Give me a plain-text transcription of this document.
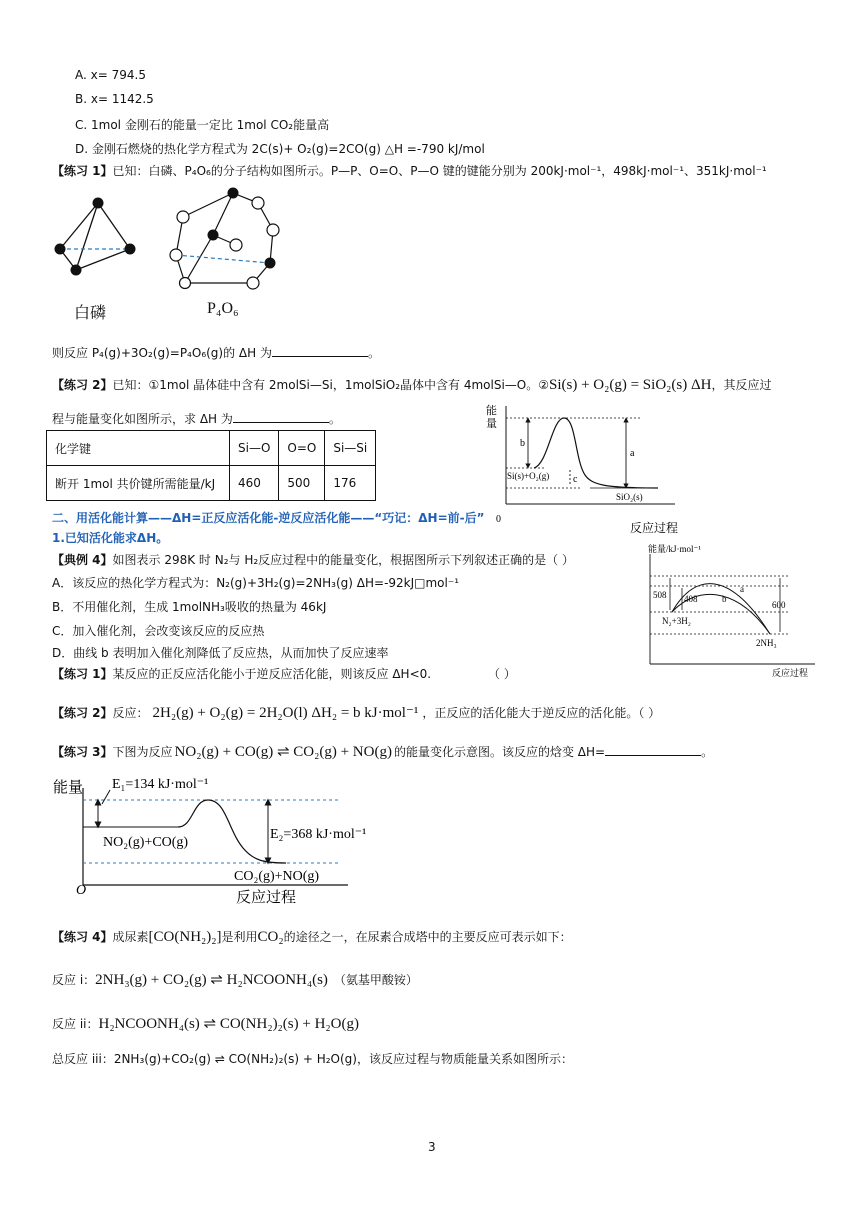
A. x= 794.5
B. x= 1142.5
C. 1mol 金刚石的能量一定比 1mol CO₂能量高
D. 金刚石燃烧的热化学方程式为 2C(s)+ O₂(g)=2CO(g) △H =-790 kJ/mol
【练习 1】已知：白磷、P₄O₆的分子结构如图所示。P—P、O=O、P—O 键的键能分别为 200kJ·mol⁻¹，498kJ·mol⁻¹、351kJ·mol⁻¹
白磷	P₄O₆
则反应 P₄(g)+3O₂(g)=P₄O₆(g)的 ΔH 为	。
【练习 2】已知：①1mol 晶体硅中含有 2molSi—Si，1molSiO₂晶体中含有 4molSi—O。②Si(s) + O₂(g) = SiO₂(s) ΔH，其反应过
程与能量变化如图所示，求 ΔH 为	。
化学键	Si—O	O=O	Si—Si
断开 1mol 共价键所需能量/kJ	460	500	176
能
量
b
a
c
Si(s)+O₂(g)
SiO₂(s)
0
反应过程
二、用活化能计算——ΔH=正反应活化能-逆反应活化能——“巧记：ΔH=前-后”
1.已知活化能求ΔH。
【典例 4】如图表示 298K 时 N₂与 H₂反应过程中的能量变化，根据图所示下列叙述正确的是（ ）
A．该反应的热化学方程式为：N₂(g)+3H₂(g)=2NH₃(g) ΔH=-92kJ□mol⁻¹
B．不用催化剂，生成 1molNH₃吸收的热量为 46kJ
C．加入催化剂，会改变该反应的反应热
D．曲线 b 表明加入催化剂降低了反应热，从而加快了反应速率
能量/kJ·mol⁻¹
508 408
600
a
b
N₂+3H₂
2NH₃
反应过程
【练习 1】某反应的正反应活化能小于逆反应活化能，则该反应 ΔH<0.	（ ）
【练习 2】反应： 2H₂(g) + O₂(g) = 2H₂O(l) ΔH₂ = b kJ·mol⁻¹ ，正反应的活化能大于逆反应的活化能。（ ）
【练习 3】下图为反应 NO₂(g) + CO(g) ⇌ CO₂(g) + NO(g) 的能量变化示意图。该反应的焓变 ΔH=	。
能量 E₁=134 kJ·mol⁻¹
E₂=368 kJ·mol⁻¹
NO₂(g)+CO(g)
CO₂(g)+NO(g)
O	反应过程
【练习 4】成尿素[CO(NH₂)₂]是利用CO₂的途径之一，在尿素合成塔中的主要反应可表示如下：
反应 i：2NH₃(g) + CO₂(g) ⇌ H₂NCOONH₄(s) （氨基甲酸铵）
反应 ii：H₂NCOONH₄(s) ⇌ CO(NH₂)₂(s) + H₂O(g)
总反应 iii：2NH₃(g)+CO₂(g) ⇌ CO(NH₂)₂(s) + H₂O(g)，该反应过程与物质能量关系如图所示：
3
